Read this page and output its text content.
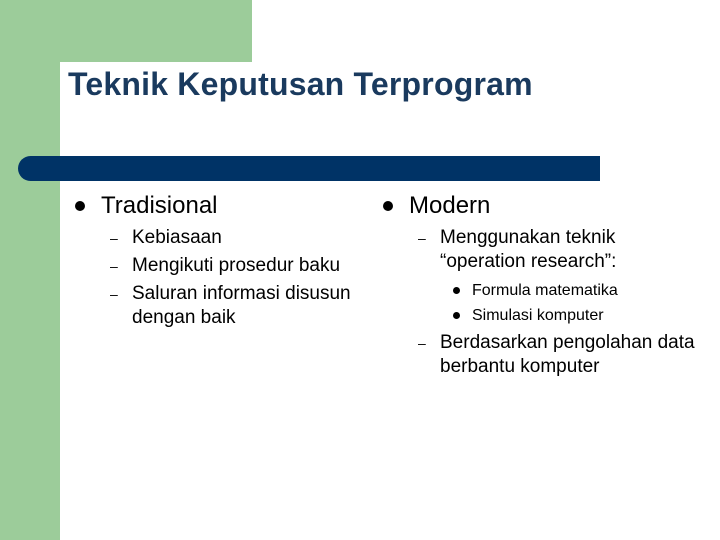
Teknik Keputusan Terprogram
Tradisional
– Kebiasaan
– Mengikuti prosedur baku
– Saluran informasi disusun dengan baik
Modern
– Menggunakan teknik “operation research”:
Formula matematika
Simulasi komputer
– Berdasarkan pengolahan data berbantu komputer
